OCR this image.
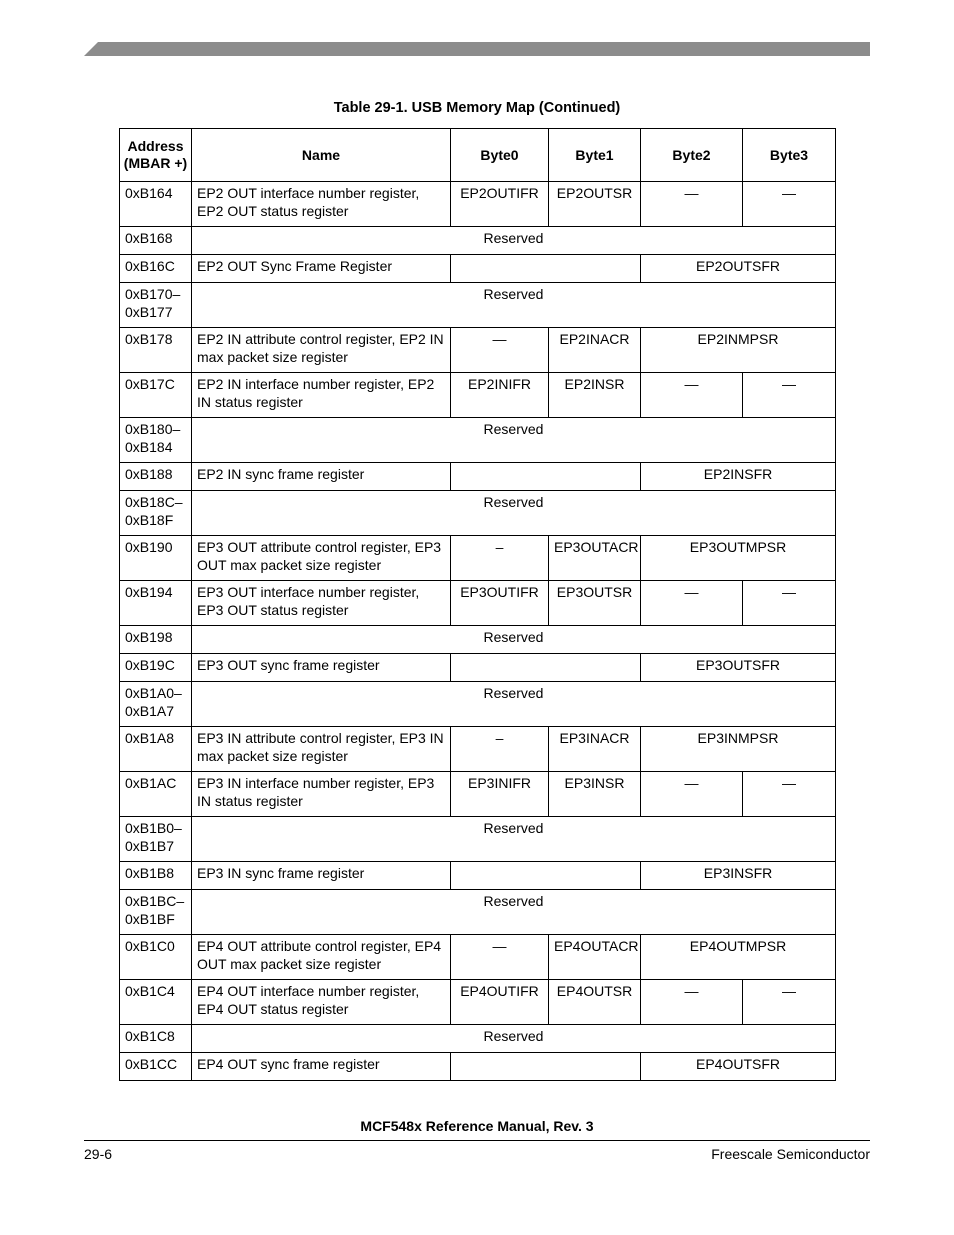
Table 29-1. USB Memory Map (Continued)
Address (MBAR +)	Name	Byte0	Byte1	Byte2	Byte3
0xB164	EP2 OUT interface number register, EP2 OUT status register	EP2OUTIFR	EP2OUTSR	—	—
0xB168	Reserved				
0xB16C	EP2 OUT Sync Frame Register			EP2OUTSFR	
0xB170– 0xB177	Reserved				
0xB178	EP2 IN attribute control register, EP2 IN max packet size register	—	EP2INACR	EP2INMPSR	
0xB17C	EP2 IN interface number register, EP2 IN status register	EP2INIFR	EP2INSR	—	—
0xB180– 0xB184	Reserved				
0xB188	EP2 IN sync frame register			EP2INSFR	
0xB18C– 0xB18F	Reserved				
0xB190	EP3 OUT attribute control register, EP3 OUT max packet size register	–	EP3OUTACR	EP3OUTMPSR	
0xB194	EP3 OUT interface number register, EP3 OUT status register	EP3OUTIFR	EP3OUTSR	—	—
0xB198	Reserved				
0xB19C	EP3 OUT sync frame register			EP3OUTSFR	
0xB1A0– 0xB1A7	Reserved				
0xB1A8	EP3 IN attribute control register, EP3 IN max packet size register	–	EP3INACR	EP3INMPSR	
0xB1AC	EP3 IN interface number register, EP3 IN status register	EP3INIFR	EP3INSR	—	—
0xB1B0– 0xB1B7	Reserved				
0xB1B8	EP3 IN sync frame register			EP3INSFR	
0xB1BC– 0xB1BF	Reserved				
0xB1C0	EP4 OUT attribute control register, EP4 OUT max packet size register	—	EP4OUTACR	EP4OUTMPSR	
0xB1C4	EP4 OUT interface number register, EP4 OUT status register	EP4OUTIFR	EP4OUTSR	—	—
0xB1C8	Reserved				
0xB1CC	EP4 OUT sync frame register			EP4OUTSFR	
MCF548x Reference Manual, Rev. 3
29-6	Freescale Semiconductor
